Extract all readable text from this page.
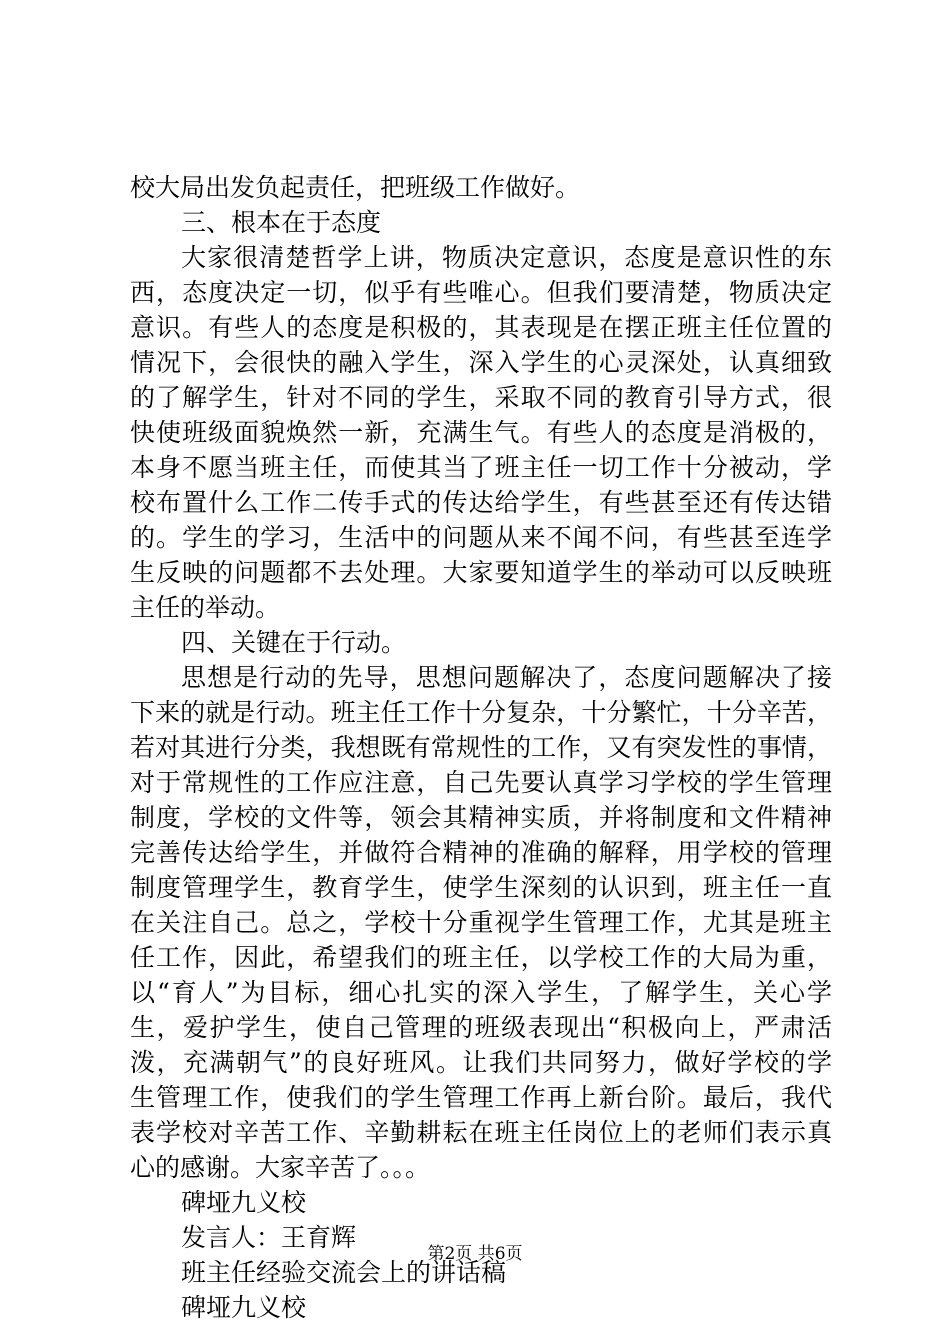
校大局出发负起责任，把班级工作做好。
三、根本在于态度
大家很清楚哲学上讲，物质决定意识，态度是意识性的东
西，态度决定一切，似乎有些唯心。但我们要清楚，物质决定
意识。有些人的态度是积极的，其表现是在摆正班主任位置的
情况下，会很快的融入学生，深入学生的心灵深处，认真细致
的了解学生，针对不同的学生，采取不同的教育引导方式，很
快使班级面貌焕然一新，充满生气。有些人的态度是消极的，
本身不愿当班主任，而使其当了班主任一切工作十分被动，学
校布置什么工作二传手式的传达给学生，有些甚至还有传达错
的。学生的学习，生活中的问题从来不闻不问，有些甚至连学
生反映的问题都不去处理。大家要知道学生的举动可以反映班
主任的举动。
四、关键在于行动。
思想是行动的先导，思想问题解决了，态度问题解决了接
下来的就是行动。班主任工作十分复杂，十分繁忙，十分辛苦，
若对其进行分类，我想既有常规性的工作，又有突发性的事情，
对于常规性的工作应注意，自己先要认真学习学校的学生管理
制度，学校的文件等，领会其精神实质，并将制度和文件精神
完善传达给学生，并做符合精神的准确的解释，用学校的管理
制度管理学生，教育学生，使学生深刻的认识到，班主任一直
在关注自己。总之，学校十分重视学生管理工作，尤其是班主
任工作，因此，希望我们的班主任，以学校工作的大局为重，
以“育人”为目标，细心扎实的深入学生，了解学生，关心学
生，爱护学生，使自己管理的班级表现出“积极向上，严肃活
泼，充满朝气”的良好班风。让我们共同努力，做好学校的学
生管理工作，使我们的学生管理工作再上新台阶。最后，我代
表学校对辛苦工作、辛勤耕耘在班主任岗位上的老师们表示真
心的感谢。大家辛苦了。。。
碑垭九义校
发言人：王育辉
班主任经验交流会上的讲话稿
碑垭九义校
第2页 共6页
